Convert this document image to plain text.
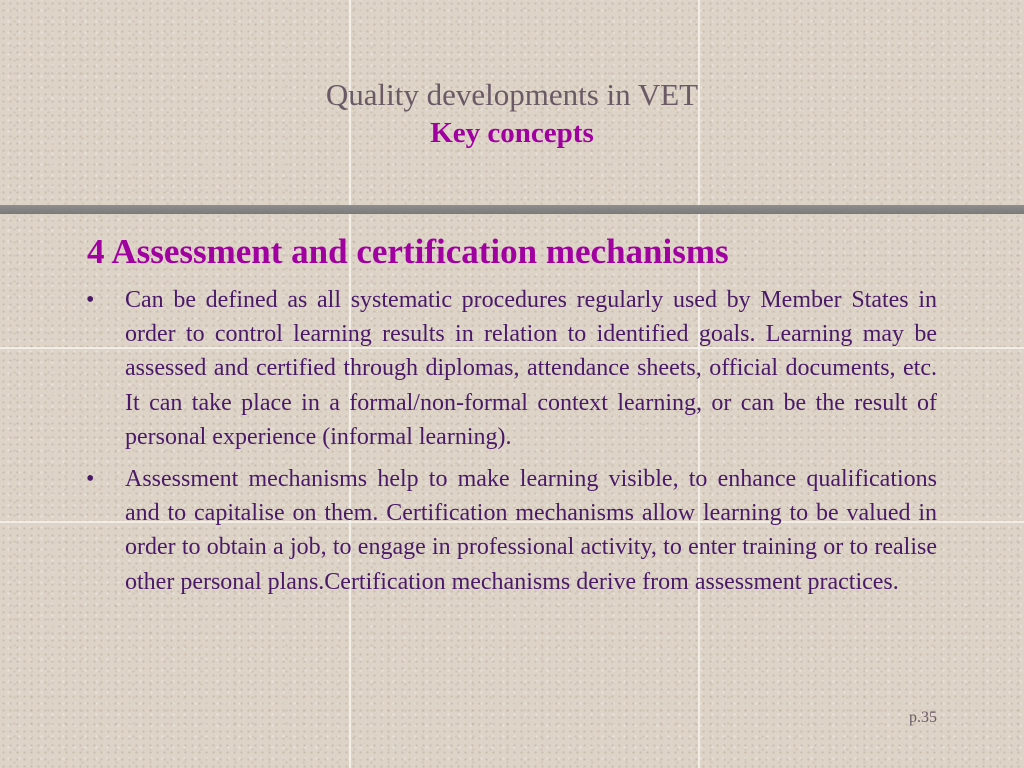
Quality developments in VET
Key concepts
4 Assessment and certification mechanisms
• Can be defined as all systematic procedures regularly used by Member States in order to control learning results in relation to identified goals. Learning may be assessed and certified through diplomas, attendance sheets, official documents, etc. It can take place in a formal/non-formal context learning, or can be the result of personal experience (informal learning).
• Assessment mechanisms help to make learning visible, to enhance qualifications and to capitalise on them. Certification mechanisms allow learning to be valued in order to obtain a job, to engage in professional activity, to enter training or to realise other personal plans.Certification mechanisms derive from assessment practices.
p.35
